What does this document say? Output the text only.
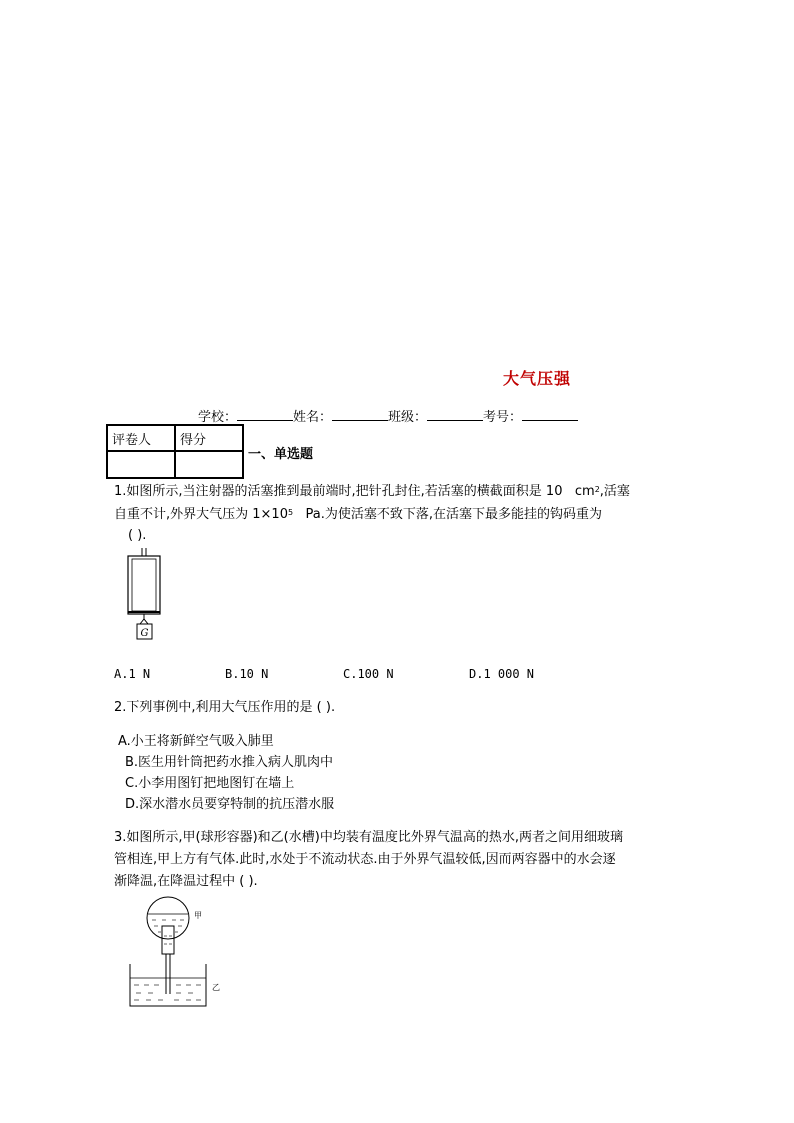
大气压强
学校：	姓名：	班级：	考号：
评卷人	得分

一、单选题
1.如图所示,当注射器的活塞推到最前端时,把针孔封住,若活塞的横截面积是 10 $cm^2$,活塞
自重不计,外界大气压为 $1\times 10^5$ Pa.为使活塞不致下落,在活塞下最多能挂的钩码重为
( ).
G
A.1 N	B.10 N	C.100 N	D.1 000 N
2.下列事例中,利用大气压作用的是 ( ).
A.小王将新鲜空气吸入肺里
B.医生用针筒把药水推入病人肌肉中
C.小李用图钉把地图钉在墙上
D.深水潜水员要穿特制的抗压潜水服
3.如图所示,甲(球形容器)和乙(水槽)中均装有温度比外界气温高的热水,两者之间用细玻璃
管相连,甲上方有气体.此时,水处于不流动状态.由于外界气温较低,因而两容器中的水会逐
渐降温,在降温过程中 ( ).
甲
乙
